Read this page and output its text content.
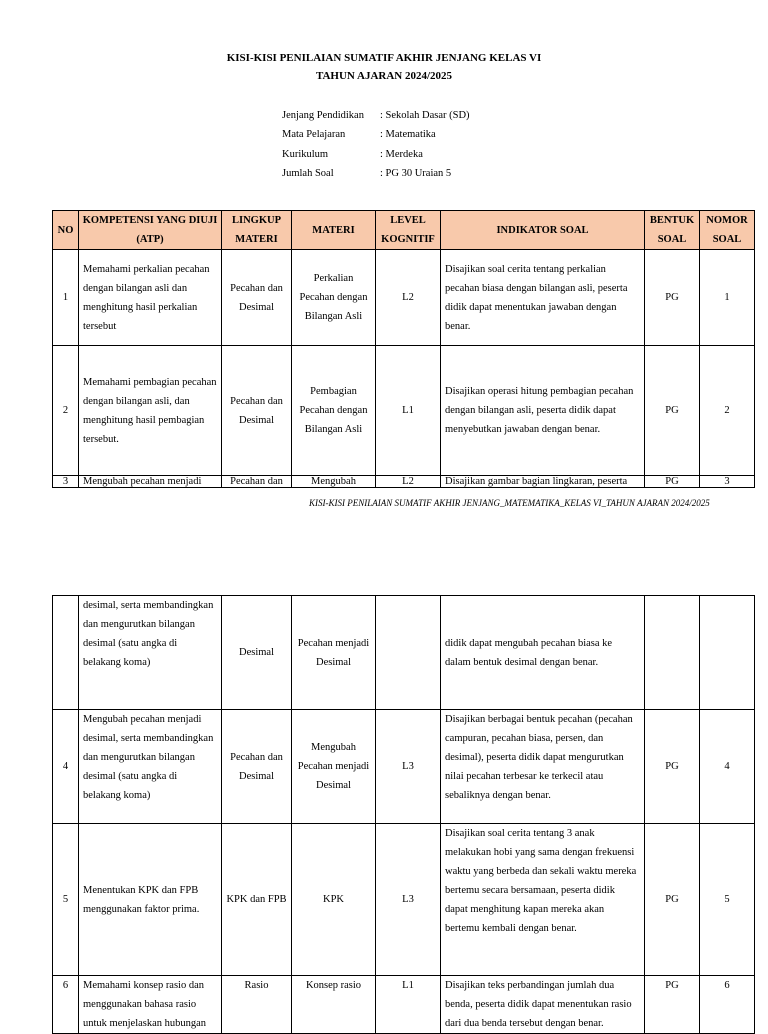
KISI-KISI PENILAIAN SUMATIF AKHIR JENJANG KELAS VI
TAHUN AJARAN 2024/2025
Jenjang Pendidikan	: Sekolah Dasar (SD)
Mata Pelajaran	: Matematika
Kurikulum	: Merdeka
Jumlah Soal	: PG 30 Uraian 5
NO	KOMPETENSI YANG DIUJI (ATP)	LINGKUP MATERI	MATERI	LEVEL KOGNITIF	INDIKATOR SOAL	BENTUK SOAL	NOMOR SOAL
1	Memahami perkalian pecahan dengan bilangan asli dan menghitung hasil perkalian tersebut	Pecahan dan Desimal	Perkalian Pecahan dengan Bilangan Asli	L2	Disajikan soal cerita tentang perkalian pecahan biasa dengan bilangan asli, peserta didik dapat menentukan jawaban dengan benar.	PG	1
2	Memahami pembagian pecahan dengan bilangan asli, dan menghitung hasil pembagian tersebut.	Pecahan dan Desimal	Pembagian Pecahan dengan Bilangan Asli	L1	Disajikan operasi hitung pembagian pecahan dengan bilangan asli, peserta didik dapat menyebutkan jawaban dengan benar.	PG	2
3	Mengubah pecahan menjadi	Pecahan dan	Mengubah	L2	Disajikan gambar bagian lingkaran, peserta	PG	3
KISI-KISI PENILAIAN SUMATIF AKHIR JENJANG_MATEMATIKA_KELAS VI_TAHUN AJARAN 2024/2025
	desimal, serta membandingkan dan mengurutkan bilangan desimal (satu angka di belakang koma)	Desimal	Pecahan menjadi Desimal		didik dapat mengubah pecahan biasa ke dalam bentuk desimal dengan benar.		
4	Mengubah pecahan menjadi desimal, serta membandingkan dan mengurutkan bilangan desimal (satu angka di belakang koma)	Pecahan dan Desimal	Mengubah Pecahan menjadi Desimal	L3	Disajikan berbagai bentuk pecahan (pecahan campuran, pecahan biasa, persen, dan desimal), peserta didik dapat mengurutkan nilai pecahan terbesar ke terkecil atau sebaliknya dengan benar.	PG	4
5	Menentukan KPK dan FPB menggunakan faktor prima.	KPK dan FPB	KPK	L3	Disajikan soal cerita tentang 3 anak melakukan hobi yang sama dengan frekuensi waktu yang berbeda dan sekali waktu mereka bertemu secara bersamaan, peserta didik dapat menghitung kapan mereka akan bertemu kembali dengan benar.	PG	5
6	Memahami konsep rasio dan menggunakan bahasa rasio untuk menjelaskan hubungan	Rasio	Konsep rasio	L1	Disajikan teks perbandingan jumlah dua benda, peserta didik dapat menentukan rasio dari dua benda tersebut dengan benar.	PG	6
